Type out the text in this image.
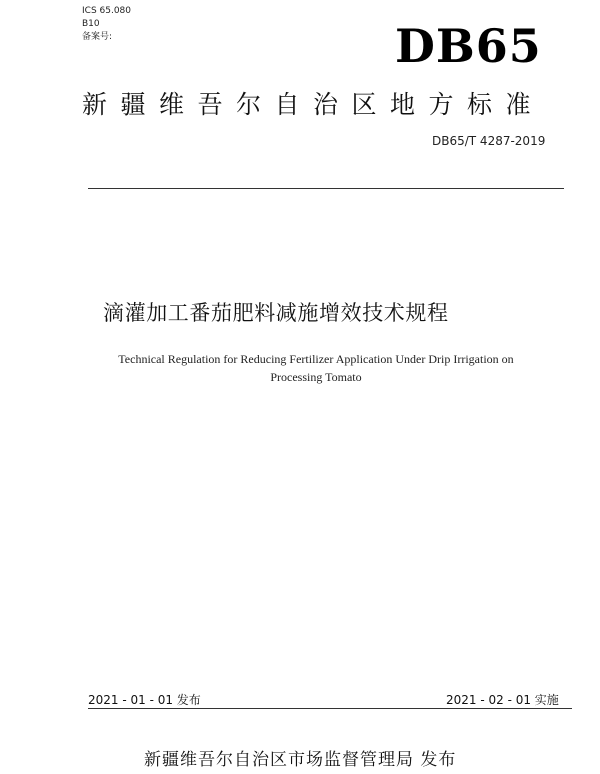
ICS 65.080
B10
备案号:	DB65
新疆维吾尔自治区地方标准
DB65/T 4287-2019
滴灌加工番茄肥料减施增效技术规程
Technical Regulation for Reducing Fertilizer Application Under Drip Irrigation on
Processing Tomato
2021 - 01 - 01 发布	2021 - 02 - 01 实施
新疆维吾尔自治区市场监督管理局 发布
